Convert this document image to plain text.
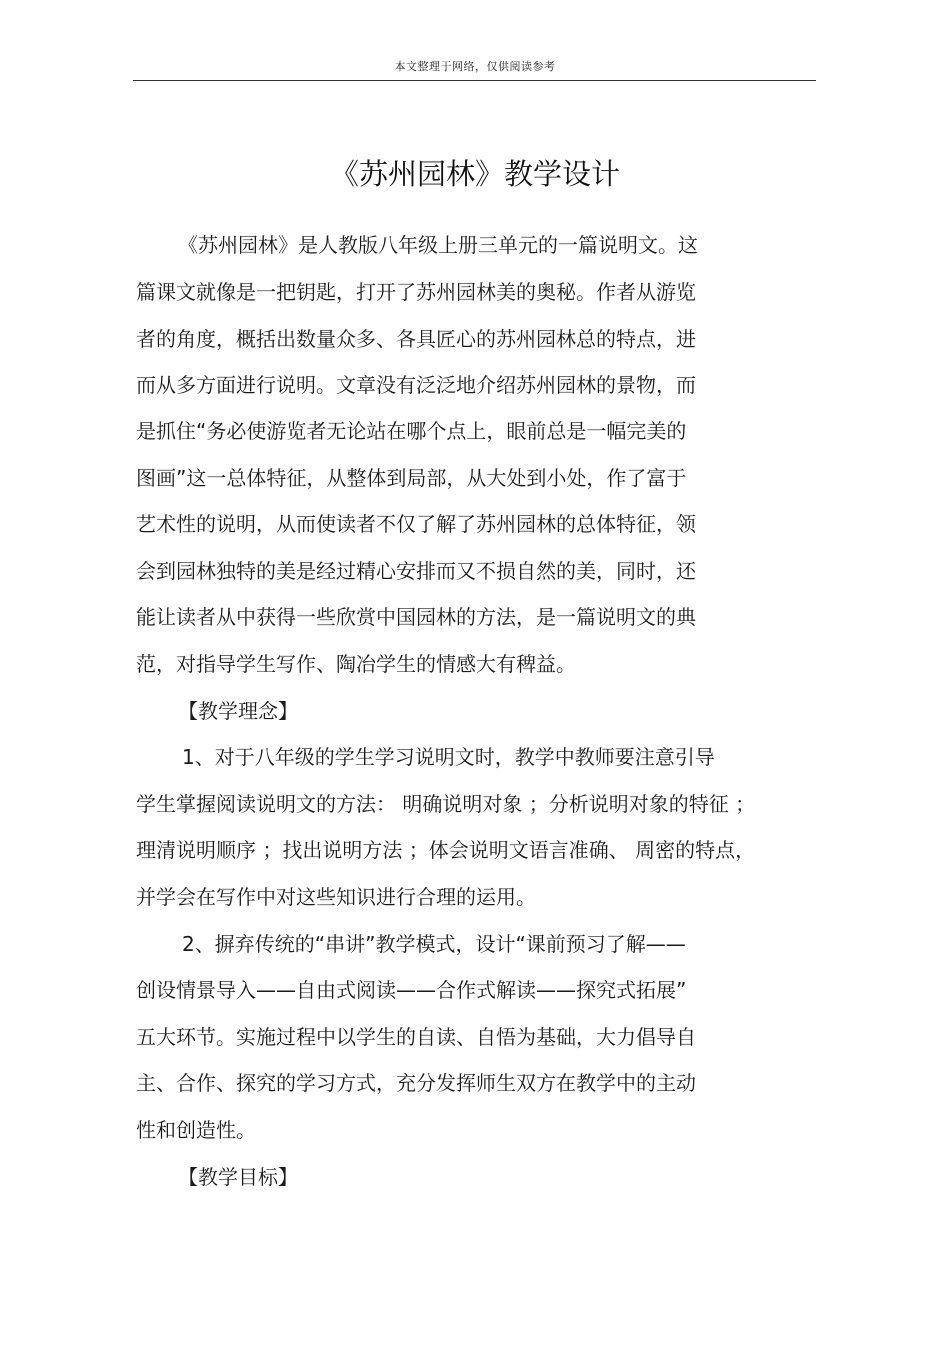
本文整理于网络，仅供阅读参考
《苏州园林》教学设计
《苏州园林》是人教版八年级上册三单元的一篇说明文。这
篇课文就像是一把钥匙，打开了苏州园林美的奥秘。作者从游览
者的角度，概括出数量众多、各具匠心的苏州园林总的特点，进
而从多方面进行说明。文章没有泛泛地介绍苏州园林的景物，而
是抓住“务必使游览者无论站在哪个点上，眼前总是一幅完美的
图画”这一总体特征，从整体到局部，从大处到小处，作了富于
艺术性的说明，从而使读者不仅了解了苏州园林的总体特征，领
会到园林独特的美是经过精心安排而又不损自然的美，同时，还
能让读者从中获得一些欣赏中国园林的方法，是一篇说明文的典
范，对指导学生写作、陶冶学生的情感大有稗益。
【教学理念】
1、对于八年级的学生学习说明文时，教学中教师要注意引导
学生掌握阅读说明文的方法： 明确说明对象 ；分析说明对象的特征 ；
理清说明顺序 ；找出说明方法 ；体会说明文语言准确、 周密的特点，
并学会在写作中对这些知识进行合理的运用。
2、摒弃传统的“串讲”教学模式，设计“课前预习了解——
创设情景导入——自由式阅读——合作式解读——探究式拓展”
五大环节。实施过程中以学生的自读、自悟为基础，大力倡导自
主、合作、探究的学习方式，充分发挥师生双方在教学中的主动
性和创造性。
【教学目标】
